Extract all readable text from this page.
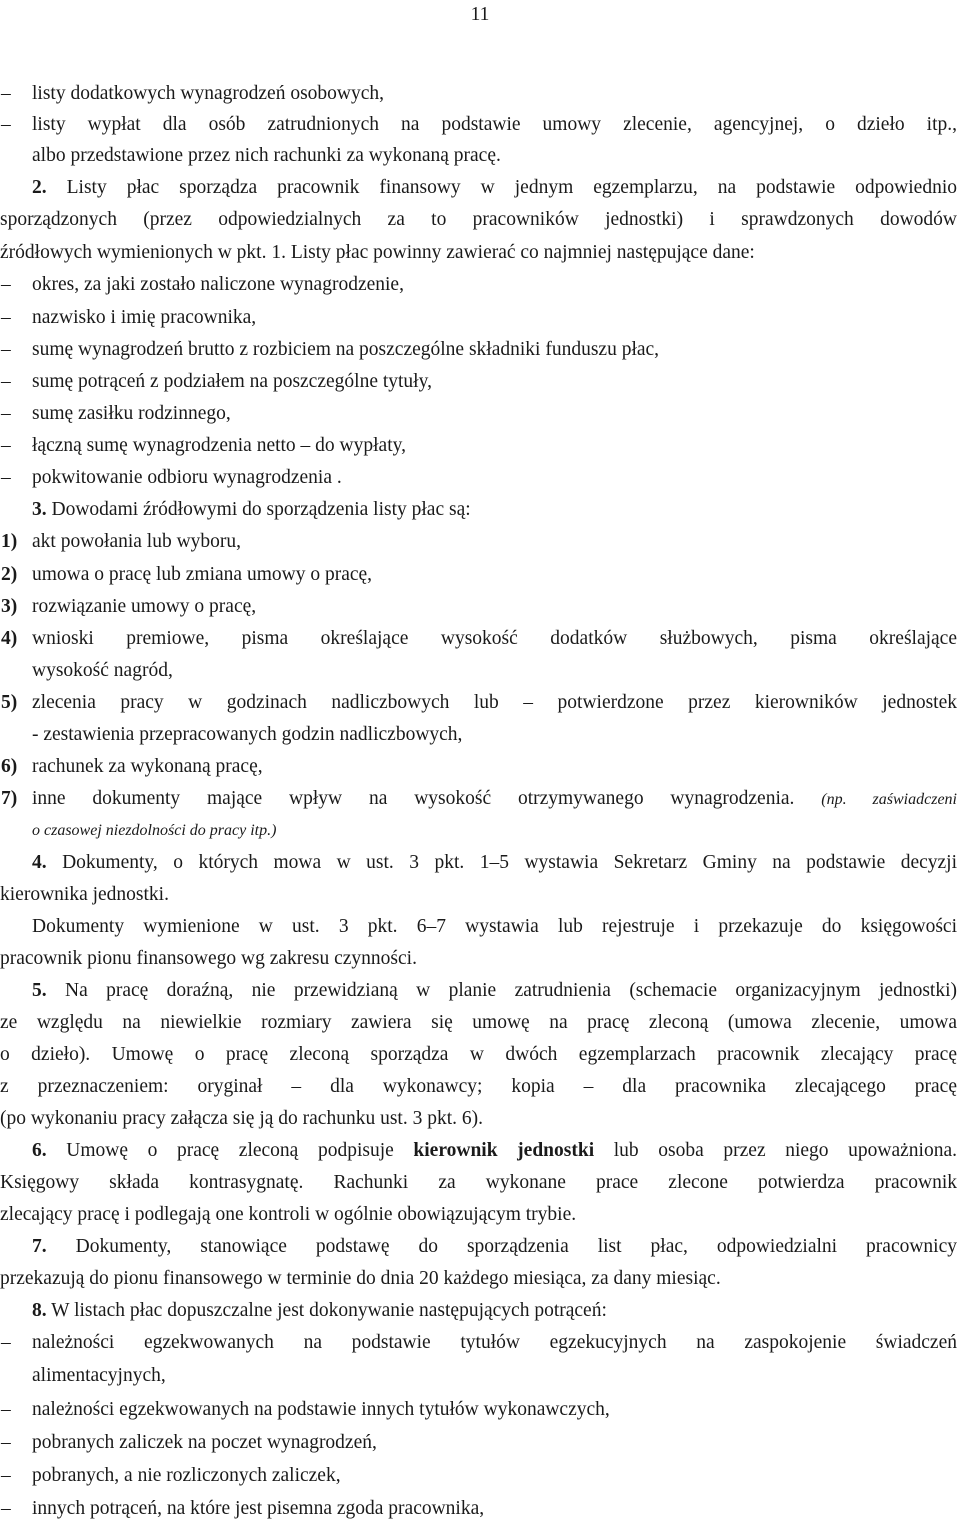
11
– listy dodatkowych wynagrodzeń osobowych,
– listy wypłat dla osób zatrudnionych na podstawie umowy zlecenie, agencyjnej, o dzieło itp.,
albo przedstawione przez nich rachunki za wykonaną pracę.
2. Listy płac sporządza pracownik finansowy w jednym egzemplarzu, na podstawie odpowiednio
sporządzonych (przez odpowiedzialnych za to pracowników jednostki) i sprawdzonych dowodów
źródłowych wymienionych w pkt. 1. Listy płac powinny zawierać co najmniej następujące dane:
– okres, za jaki zostało naliczone wynagrodzenie,
– nazwisko i imię pracownika,
– sumę wynagrodzeń brutto z rozbiciem na poszczególne składniki funduszu płac,
– sumę potrąceń z podziałem na poszczególne tytuły,
– sumę zasiłku rodzinnego,
– łączną sumę wynagrodzenia netto – do wypłaty,
– pokwitowanie odbioru wynagrodzenia .
3. Dowodami źródłowymi do sporządzenia listy płac są:
1) akt powołania lub wyboru,
2) umowa o pracę lub zmiana umowy o pracę,
3) rozwiązanie umowy o pracę,
4) wnioski premiowe, pisma określające wysokość dodatków służbowych, pisma określające
wysokość nagród,
5) zlecenia pracy w godzinach nadliczbowych lub – potwierdzone przez kierowników jednostek
- zestawienia przepracowanych godzin nadliczbowych,
6) rachunek za wykonaną pracę,
7) inne dokumenty mające wpływ na wysokość otrzymywanego wynagrodzenia. (np. zaświadczeni
o czasowej niezdolności do pracy itp.)
4. Dokumenty, o których mowa w ust. 3 pkt. 1–5 wystawia Sekretarz Gminy na podstawie decyzji
kierownika jednostki.
Dokumenty wymienione w ust. 3 pkt. 6–7 wystawia lub rejestruje i przekazuje do księgowości
pracownik pionu finansowego wg zakresu czynności.
5. Na pracę doraźną, nie przewidzianą w planie zatrudnienia (schemacie organizacyjnym jednostki)
ze względu na niewielkie rozmiary zawiera się umowę na pracę zleconą (umowa zlecenie, umowa
o dzieło). Umowę o pracę zleconą sporządza w dwóch egzemplarzach pracownik zlecający pracę
z przeznaczeniem: oryginał – dla wykonawcy; kopia – dla pracownika zlecającego pracę
(po wykonaniu pracy załącza się ją do rachunku ust. 3 pkt. 6).
6. Umowę o pracę zleconą podpisuje kierownik jednostki lub osoba przez niego upoważniona.
Księgowy składa kontrasygnatę. Rachunki za wykonane prace zlecone potwierdza pracownik
zlecający pracę i podlegają one kontroli w ogólnie obowiązującym trybie.
7. Dokumenty, stanowiące podstawę do sporządzenia list płac, odpowiedzialni pracownicy
przekazują do pionu finansowego w terminie do dnia 20 każdego miesiąca, za dany miesiąc.
8. W listach płac dopuszczalne jest dokonywanie następujących potrąceń:
– należności egzekwowanych na podstawie tytułów egzekucyjnych na zaspokojenie świadczeń
alimentacyjnych,
– należności egzekwowanych na podstawie innych tytułów wykonawczych,
– pobranych zaliczek na poczet wynagrodzeń,
– pobranych, a nie rozliczonych zaliczek,
– innych potrąceń, na które jest pisemna zgoda pracownika,
